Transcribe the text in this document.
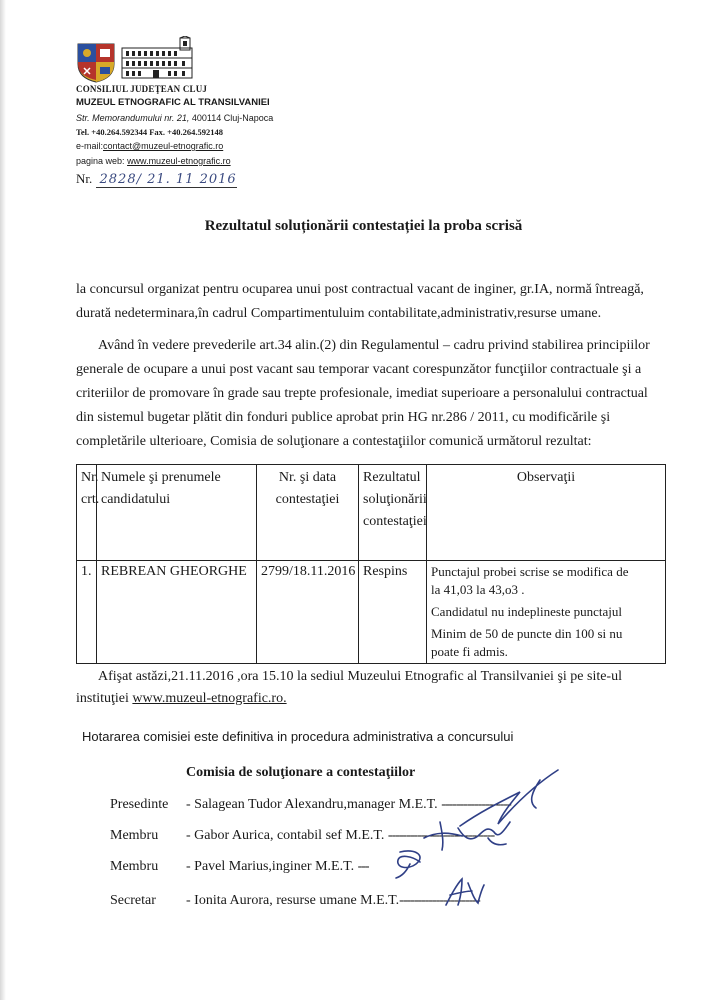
CONSILIUL JUDEŢEAN CLUJ
MUZEUL ETNOGRAFIC AL TRANSILVANIEI
Str. Memorandumului nr. 21, 400114 Cluj-Napoca
Tel. +40.264.592344 Fax. +40.264.592148
e-mail:contact@muzeul-etnografic.ro
pagina web: www.muzeul-etnografic.ro
Nr. 2828/ 21. 11 2016
Rezultatul soluționării contestației la proba scrisă
la concursul organizat pentru ocuparea unui post contractual vacant de inginer, gr.IA, normă întreagă,
durată nedeterminara,în cadrul Compartimentuluim contabilitate,administrativ,resurse umane.
Având în vedere prevederile art.34 alin.(2) din Regulamentul – cadru privind stabilirea principiilor
generale de ocupare a unui post vacant sau temporar vacant corespunzător funcţiilor contractuale şi a
criteriilor de promovare în grade sau trepte profesionale, imediat superioare a personalului contractual
din sistemul bugetar plătit din fonduri publice aprobat prin HG nr.286 / 2011, cu modificările şi
completările ulterioare, Comisia de soluţionare a contestaţiilor comunică următorul rezultat:
Nr.
crt.	Numele şi prenumele
candidatului	Nr. şi data
contestaţiei	Rezultatul
soluţionării
contestaţiei	Observaţii
1.	REBREAN GHEORGHE	2799/18.11.2016	Respins	Punctajul probei scrise se modifica de
la 41,03 la 43,o3 .
Candidatul nu indeplineste punctajul
Minim de 50 de puncte din 100 si nu
poate fi admis.
Afişat astăzi,21.11.2016 ,ora 15.10 la sediul Muzeului Etnografic al Transilvaniei şi pe site-ul
instituţiei www.muzeul-etnografic.ro.
Hotararea comisiei este definitiva in procedura administrativa a concursului
Comisia de soluţionare a contestaţiilor
Presedinte - Salagean Tudor Alexandru,manager M.E.T. -------------------
Membru - Gabor Aurica, contabil sef M.E.T. -----------------------------
Membru - Pavel Marius,inginer M.E.T. ---
Secretar - Ionita Aurora, resurse umane M.E.T.----------------------
